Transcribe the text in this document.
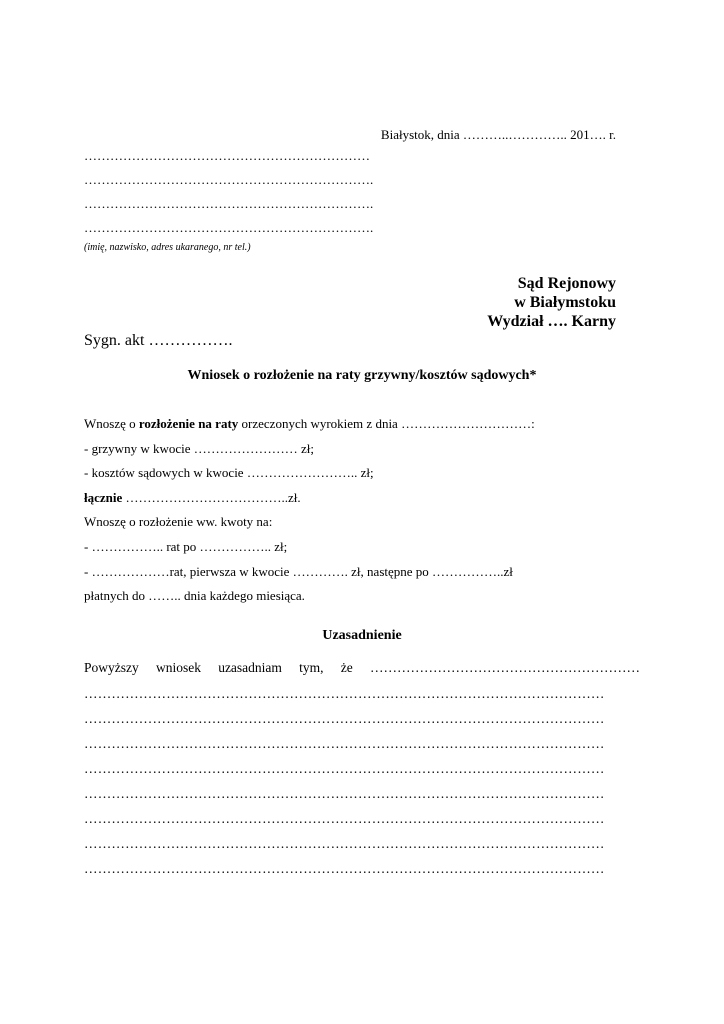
Białystok, dnia ………..………….. 201…. r.
…………………………………………………………
………………………………………………………….
………………………………………………………….
………………………………………………………….
(imię, nazwisko, adres ukaranego, nr tel.)
Sąd Rejonowy
w Białymstoku
Wydział …. Karny
Sygn. akt …………….
Wniosek o rozłożenie na raty grzywny/kosztów sądowych*
Wnoszę o rozłożenie na raty orzeczonych wyrokiem z dnia …………………………:
- grzywny w kwocie …………………… zł;
- kosztów sądowych w kwocie …………………….. zł;
łącznie ………………………………..zł.
Wnoszę o rozłożenie ww. kwoty na:
- …………….. rat po …………….. zł;
- ………………rat, pierwsza w kwocie …………. zł, następne po ……………..zł
płatnych do …….. dnia każdego miesiąca.
Uzasadnienie
Powyższy wniosek uzasadniam tym, że ……………………………………………………
……………………………………………………………………………………………………
……………………………………………………………………………………………………
……………………………………………………………………………………………………
……………………………………………………………………………………………………
……………………………………………………………………………………………………
……………………………………………………………………………………………………
……………………………………………………………………………………………………
……………………………………………………………………………………………………
